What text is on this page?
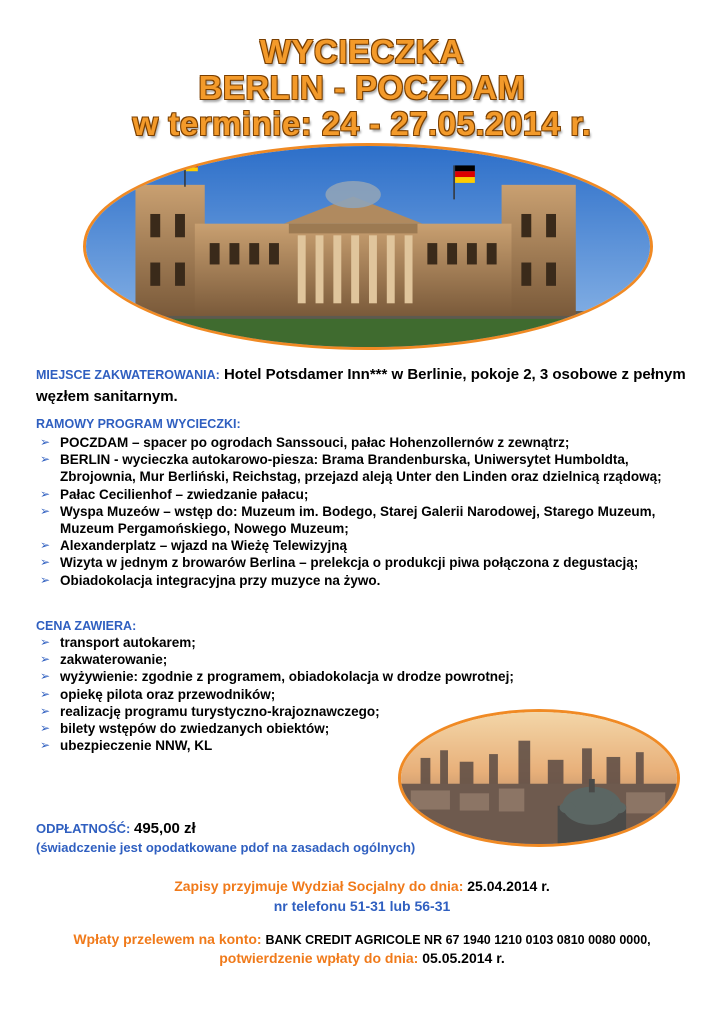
WYCIECZKA
BERLIN - POCZDAM
w terminie: 24 - 27.05.2014 r.
MIEJSCE ZAKWATEROWANIA: Hotel Potsdamer Inn*** w Berlinie, pokoje 2, 3 osobowe z pełnym węzłem sanitarnym.
RAMOWY PROGRAM WYCIECZKI:
➢ POCZDAM – spacer po ogrodach Sanssouci, pałac Hohenzollernów z zewnątrz;
➢ BERLIN - wycieczka autokarowo-piesza: Brama Brandenburska, Uniwersytet Humboldta, Zbrojownia, Mur Berliński, Reichstag, przejazd aleją Unter den Linden oraz dzielnicą rządową;
➢ Pałac Cecilienhof – zwiedzanie pałacu;
➢ Wyspa Muzeów – wstęp do: Muzeum im. Bodego, Starej Galerii Narodowej, Starego Muzeum, Muzeum Pergamońskiego, Nowego Muzeum;
➢ Alexanderplatz – wjazd na Wieżę Telewizyjną
➢ Wizyta w jednym z browarów Berlina – prelekcja o produkcji piwa połączona z degustacją;
➢ Obiadokolacja integracyjna przy muzyce na żywo.
CENA ZAWIERA:
➢ transport autokarem;
➢ zakwaterowanie;
➢ wyżywienie: zgodnie z programem, obiadokolacja w drodze powrotnej;
➢ opiekę pilota oraz przewodników;
➢ realizację programu turystyczno-krajoznawczego;
➢ bilety wstępów do zwiedzanych obiektów;
➢ ubezpieczenie NNW, KL
ODPŁATNOŚĆ: 495,00 zł
(świadczenie jest opodatkowane pdof na zasadach ogólnych)
Zapisy przyjmuje Wydział Socjalny do dnia: 25.04.2014 r.
nr telefonu 51-31 lub 56-31
Wpłaty przelewem na konto: BANK CREDIT AGRICOLE NR 67 1940 1210 0103 0810 0080 0000,
potwierdzenie wpłaty do dnia: 05.05.2014 r.
